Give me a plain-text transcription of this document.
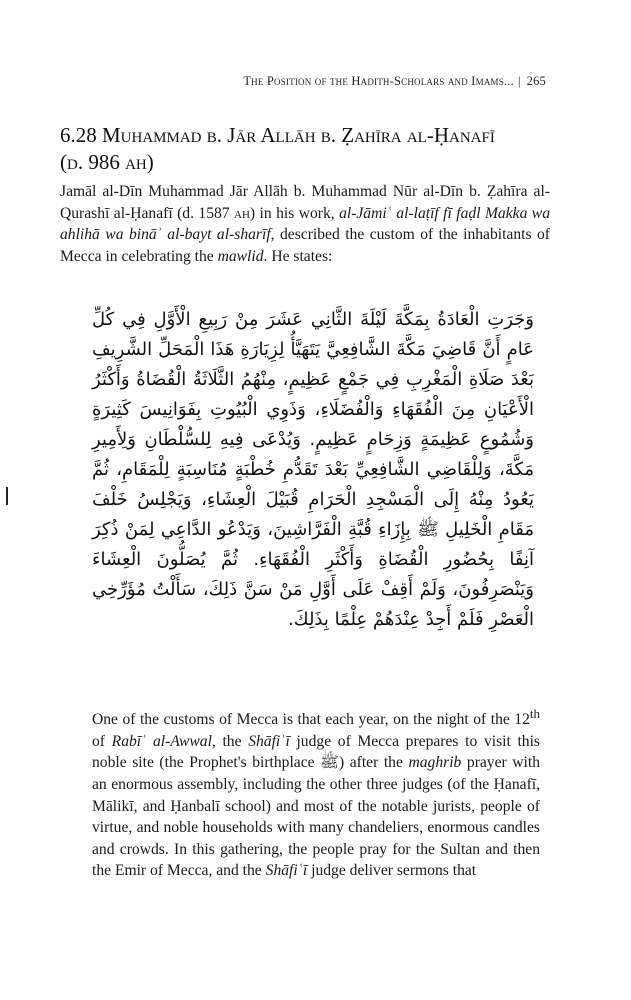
The Position of the Hadith-Scholars and Imams... | 265
6.28 Muhammad b. Jār Allāh b. Ẓahīra al-Ḥanafī
(d. 986 ah)

Jamāl al-Dīn Muhammad Jār Allāh b. Muhammad Nūr al-Dīn b. Ẓahīra al-Qurashī al-Ḥanafī (d. 1587 ah) in his work, al-Jāmiʿ al-laṭīf fī faḍl Makka wa ahlihā wa bināʾ al-bayt al-sharīf, described the custom of the inhabitants of Mecca in celebrating the mawlid. He states:

وَجَرَتِ الْعَادَةُ بِمَكَّةَ لَيْلَةَ الثَّانِي عَشَرَ مِنْ رَبِيعِ الْأَوَّلِ فِي كُلِّ عَامٍ أَنَّ قَاضِيَ مَكَّةَ الشَّافِعِيَّ يَتَهَيَّأُ لِزِيَارَةِ هَذَا الْمَحَلِّ الشَّرِيفِ بَعْدَ صَلَاةِ الْمَغْرِبِ فِي جَمْعٍ عَظِيمٍ، مِنْهُمُ الثَّلَاثَةُ الْقُضَاةُ وَأَكْثَرُ الْأَعْيَانِ مِنَ الْفُقَهَاءِ وَالْفُضَلَاءِ، وَذَوِي الْبُيُوتِ بِفَوَانِيسَ كَثِيرَةٍ وَشُمُوعٍ عَظِيمَةٍ وَزِحَامٍ عَظِيمٍ. وَيُدْعَى فِيهِ لِلسُّلْطَانِ وَلِأَمِيرِ مَكَّةَ، وَلِلْقَاضِي الشَّافِعِيِّ بَعْدَ تَقَدُّمِ خُطْبَةٍ مُنَاسِبَةٍ لِلْمَقَامِ، ثُمَّ يَعُودُ مِنْهُ إِلَى الْمَسْجِدِ الْحَرَامِ قُبَيْلَ الْعِشَاءِ، وَيَجْلِسُ خَلْفَ مَقَامِ الْخَلِيلِ ﷺ بِإِزَاءِ قُبَّةِ الْفَرَّاشِينَ، وَيَدْعُو الدَّاعِي لِمَنْ ذُكِرَ آنِفًا بِحُضُورِ الْقُضَاةِ وَأَكْثَرِ الْفُقَهَاءِ. ثُمَّ يُصَلُّونَ الْعِشَاءَ وَيَنْصَرِفُونَ، وَلَمْ أَقِفْ عَلَى أَوَّلِ مَنْ سَنَّ ذَلِكَ، سَأَلْتُ مُؤَرِّخِي الْعَصْرِ فَلَمْ أَجِدْ عِنْدَهُمْ عِلْمًا بِذَلِكَ.

One of the customs of Mecca is that each year, on the night of the 12th of Rabīʿ al-Awwal, the Shāfiʿī judge of Mecca prepares to visit this noble site (the Prophet's birthplace ﷺ) after the maghrib prayer with an enormous assembly, including the other three judges (of the Ḥanafī, Mālikī, and Ḥanbalī school) and most of the notable jurists, people of virtue, and noble households with many chandeliers, enormous candles and crowds. In this gathering, the people pray for the Sultan and then the Emir of Mecca, and the Shāfiʿī judge deliver sermons that
